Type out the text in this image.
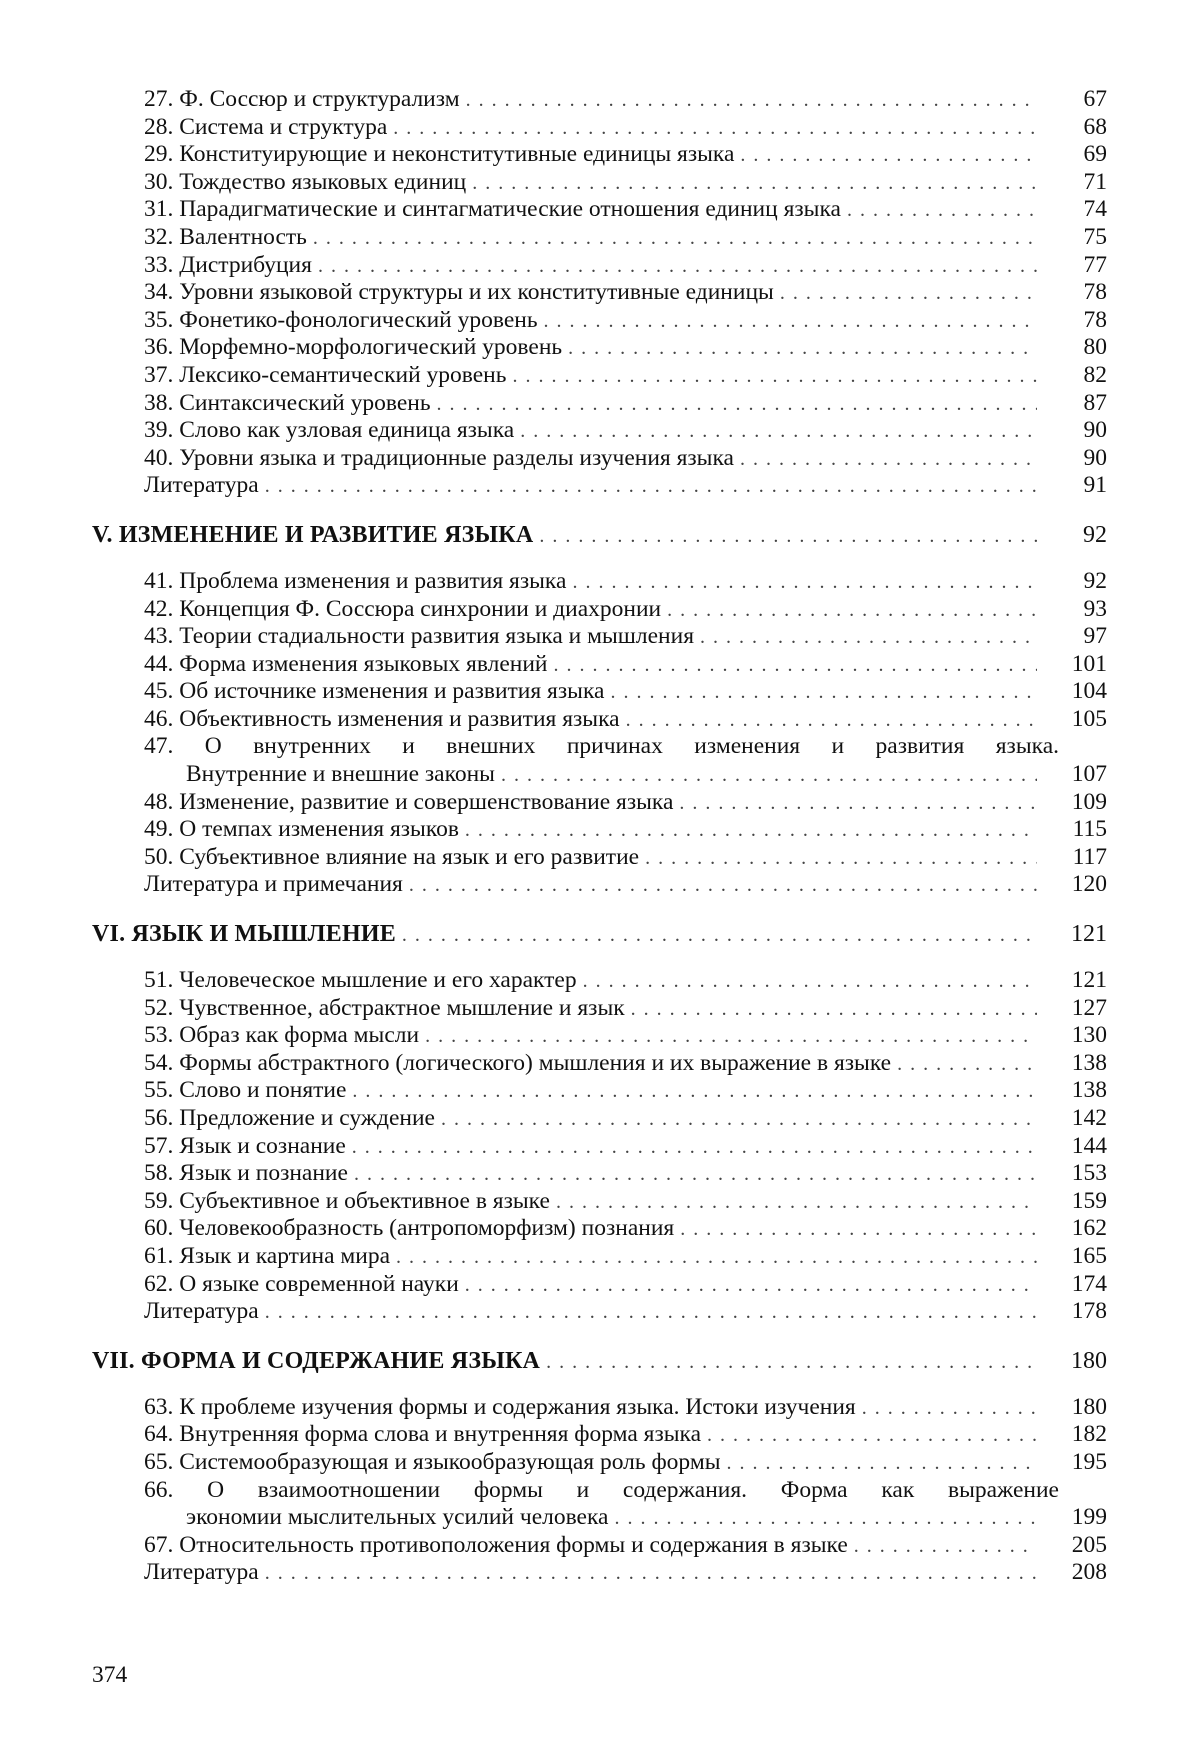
27. Ф. Соссюр и структурализм . . .	67
28. Система и структура . . .	68
29. Конституирующие и неконститутивные единицы языка . . .	69
30. Тождество языковых единиц . . .	71
31. Парадигматические и синтагматические отношения единиц языка . . .	74
32. Валентность . . .	75
33. Дистрибуция . . .	77
34. Уровни языковой структуры и их конститутивные единицы . . .	78
35. Фонетико-фонологический уровень . . .	78
36. Морфемно-морфологический уровень . . .	80
37. Лексико-семантический уровень . . .	82
38. Синтаксический уровень . . .	87
39. Слово как узловая единица языка . . .	90
40. Уровни языка и традиционные разделы изучения языка . . .	90
Литература . . .	91
V. ИЗМЕНЕНИЕ И РАЗВИТИЕ ЯЗЫКА . . .	92
41. Проблема изменения и развития языка . . .	92
42. Концепция Ф. Соссюра синхронии и диахронии . . .	93
43. Теории стадиальности развития языка и мышления . . .	97
44. Форма изменения языковых явлений . . .	101
45. Об источнике изменения и развития языка . . .	104
46. Объективность изменения и развития языка . . .	105
47. О внутренних и внешних причинах изменения и развития языка.
Внутренние и внешние законы . . .	107
48. Изменение, развитие и совершенствование языка . . .	109
49. О темпах изменения языков . . .	115
50. Субъективное влияние на язык и его развитие . . .	117
Литература и примечания . . .	120
VI. ЯЗЫК И МЫШЛЕНИЕ . . .	121
51. Человеческое мышление и его характер . . .	121
52. Чувственное, абстрактное мышление и язык . . .	127
53. Образ как форма мысли . . .	130
54. Формы абстрактного (логического) мышления и их выражение в языке . . .	138
55. Слово и понятие . . .	138
56. Предложение и суждение . . .	142
57. Язык и сознание . . .	144
58. Язык и познание . . .	153
59. Субъективное и объективное в языке . . .	159
60. Человекообразность (антропоморфизм) познания . . .	162
61. Язык и картина мира . . .	165
62. О языке современной науки . . .	174
Литература . . .	178
VII. ФОРМА И СОДЕРЖАНИЕ ЯЗЫКА . . .	180
63. К проблеме изучения формы и содержания языка. Истоки изучения . . .	180
64. Внутренняя форма слова и внутренняя форма языка . . .	182
65. Системообразующая и языкообразующая роль формы . . .	195
66. О взаимоотношении формы и содержания. Форма как выражение
экономии мыслительных усилий человека . . .	199
67. Относительность противоположения формы и содержания в языке . . .	205
Литература . . .	208
374
